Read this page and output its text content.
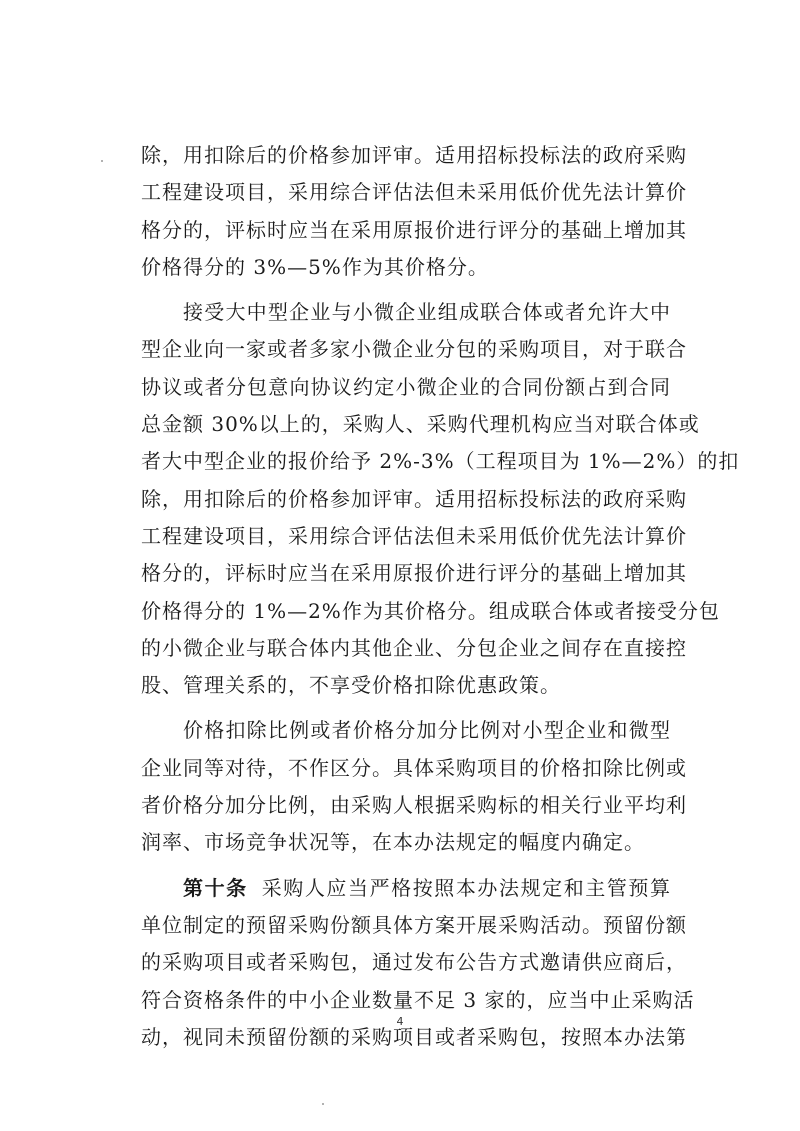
除，用扣除后的价格参加评审。适用招标投标法的政府采购
工程建设项目，采用综合评估法但未采用低价优先法计算价
格分的，评标时应当在采用原报价进行评分的基础上增加其
价格得分的 3%—5%作为其价格分。
接受大中型企业与小微企业组成联合体或者允许大中
型企业向一家或者多家小微企业分包的采购项目，对于联合
协议或者分包意向协议约定小微企业的合同份额占到合同
总金额 30%以上的，采购人、采购代理机构应当对联合体或
者大中型企业的报价给予 2%-3%（工程项目为 1%—2%）的扣
除，用扣除后的价格参加评审。适用招标投标法的政府采购
工程建设项目，采用综合评估法但未采用低价优先法计算价
格分的，评标时应当在采用原报价进行评分的基础上增加其
价格得分的 1%—2%作为其价格分。组成联合体或者接受分包
的小微企业与联合体内其他企业、分包企业之间存在直接控
股、管理关系的，不享受价格扣除优惠政策。
价格扣除比例或者价格分加分比例对小型企业和微型
企业同等对待，不作区分。具体采购项目的价格扣除比例或
者价格分加分比例，由采购人根据采购标的相关行业平均利
润率、市场竞争状况等，在本办法规定的幅度内确定。
第十条 采购人应当严格按照本办法规定和主管预算
单位制定的预留采购份额具体方案开展采购活动。预留份额
的采购项目或者采购包，通过发布公告方式邀请供应商后，
符合资格条件的中小企业数量不足 3 家的，应当中止采购活
动，视同未预留份额的采购项目或者采购包，按照本办法第
4
